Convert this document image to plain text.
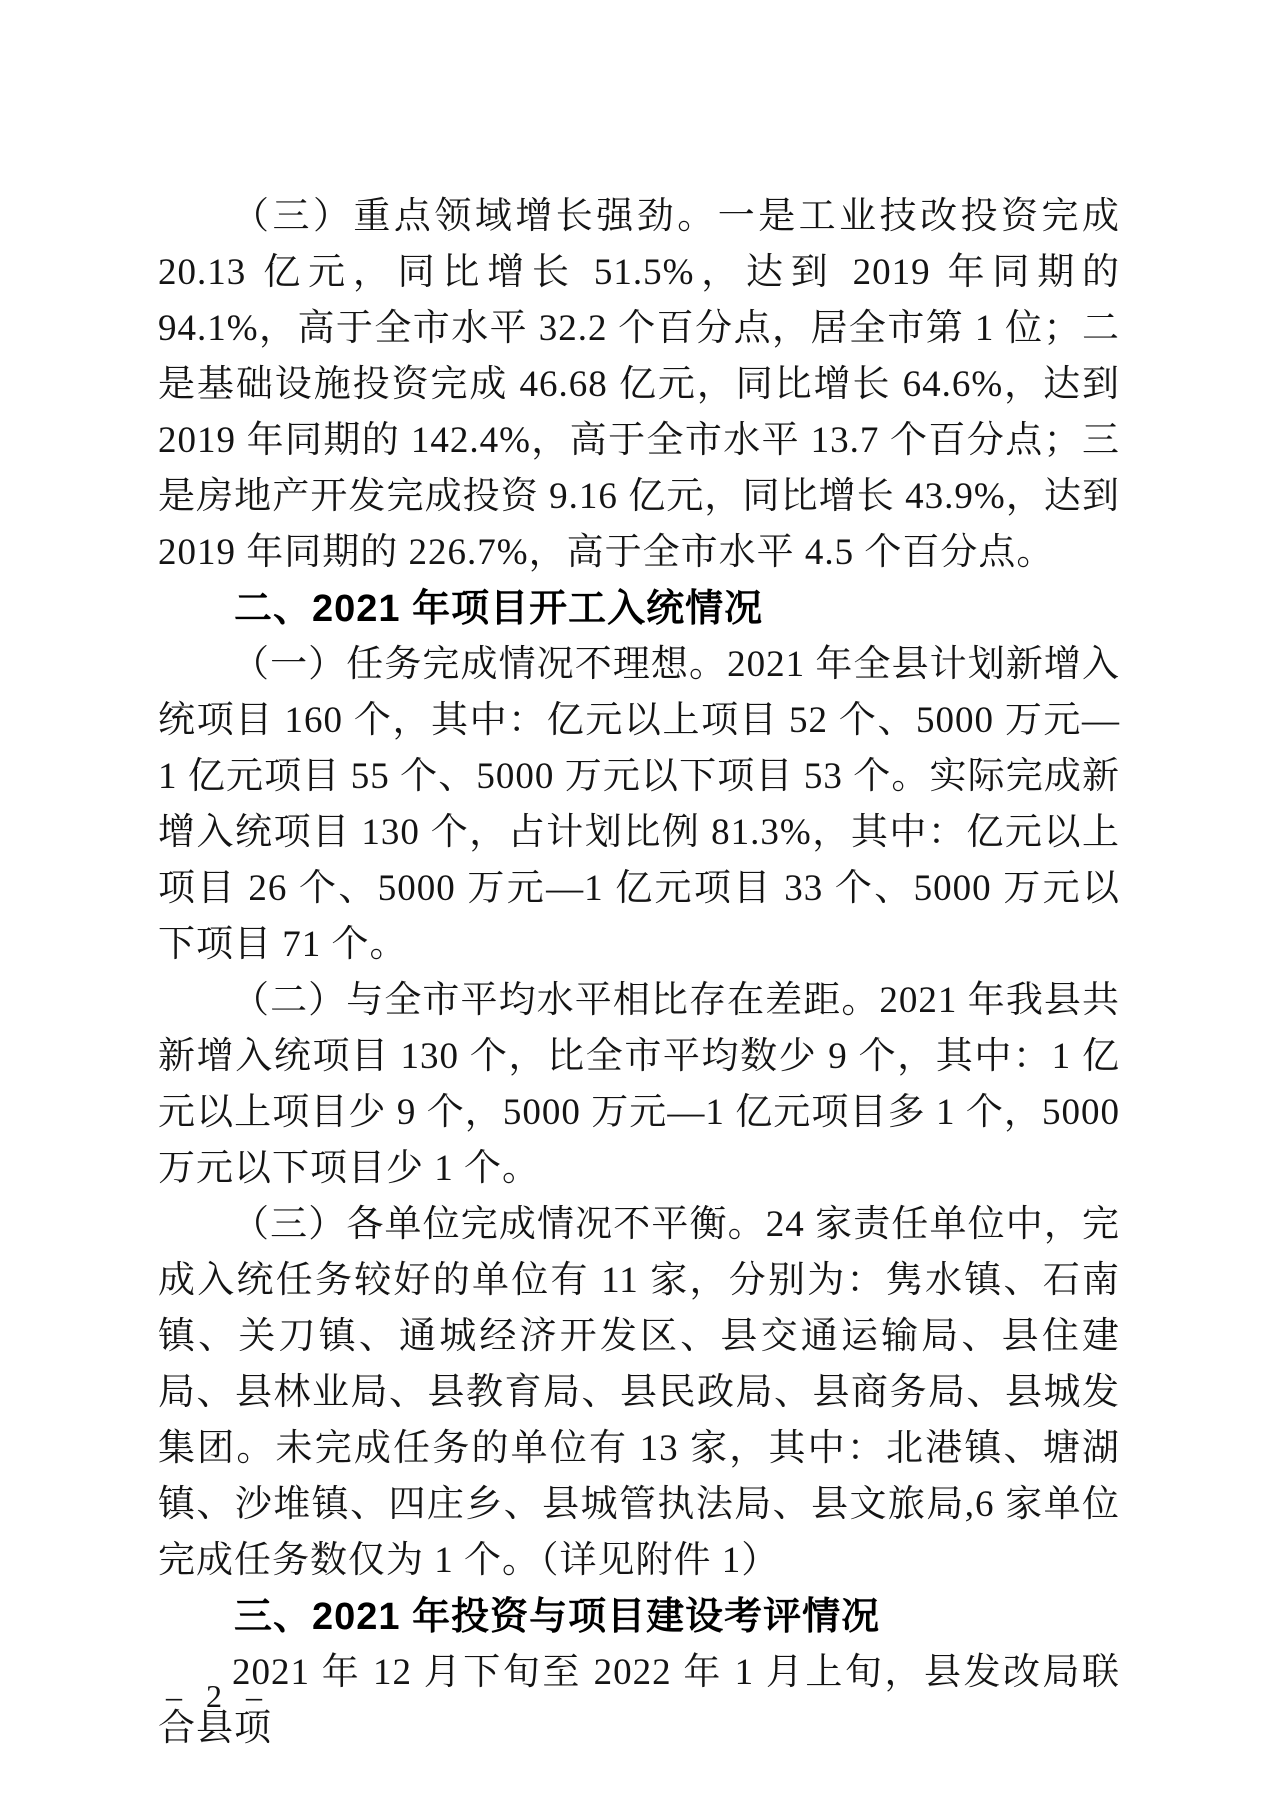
（三）重点领域增长强劲。一是工业技改投资完成 20.13 亿元，同比增长 51.5%，达到 2019 年同期的 94.1%，高于全市水平 32.2 个百分点，居全市第 1 位；二是基础设施投资完成 46.68 亿元，同比增长 64.6%，达到 2019 年同期的 142.4%，高于全市水平 13.7 个百分点；三是房地产开发完成投资 9.16 亿元，同比增长 43.9%，达到 2019 年同期的 226.7%，高于全市水平 4.5 个百分点。

二、2021 年项目开工入统情况

（一）任务完成情况不理想。2021 年全县计划新增入统项目 160 个，其中：亿元以上项目 52 个、5000 万元—1 亿元项目 55 个、5000 万元以下项目 53 个。实际完成新增入统项目 130 个，占计划比例 81.3%，其中：亿元以上项目 26 个、5000 万元—1 亿元项目 33 个、5000 万元以下项目 71 个。

（二）与全市平均水平相比存在差距。2021 年我县共新增入统项目 130 个，比全市平均数少 9 个，其中：1 亿元以上项目少 9 个，5000 万元—1 亿元项目多 1 个，5000 万元以下项目少 1 个。

（三）各单位完成情况不平衡。24 家责任单位中，完成入统任务较好的单位有 11 家，分别为：隽水镇、石南镇、关刀镇、通城经济开发区、县交通运输局、县住建局、县林业局、县教育局、县民政局、县商务局、县城发集团。未完成任务的单位有 13 家，其中：北港镇、塘湖镇、沙堆镇、四庄乡、县城管执法局、县文旅局,6 家单位完成任务数仅为 1 个。（详见附件 1）

三、2021 年投资与项目建设考评情况

2021 年 12 月下旬至 2022 年 1 月上旬，县发改局联合县项

– 2 –
